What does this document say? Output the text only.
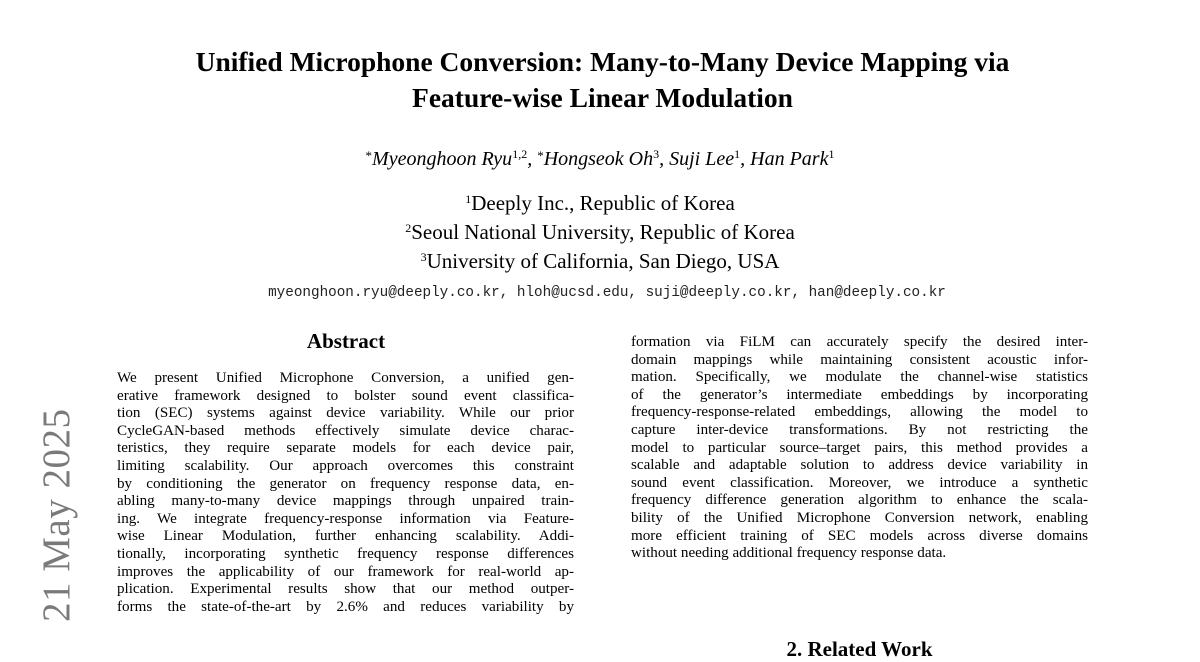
21 May 2025
Unified Microphone Conversion: Many-to-Many Device Mapping via
Feature-wise Linear Modulation
*Myeonghoon Ryu$^{1,2}$, *Hongseok Oh$^3$, Suji Lee$^1$, Han Park$^1$
$^1$Deeply Inc., Republic of Korea
$^2$Seoul National University, Republic of Korea
$^3$University of California, San Diego, USA
myeonghoon.ryu@deeply.co.kr, hloh@ucsd.edu, suji@deeply.co.kr, han@deeply.co.kr
Abstract
We present Unified Microphone Conversion, a unified gen-
erative framework designed to bolster sound event classifica-
tion (SEC) systems against device variability. While our prior
CycleGAN-based methods effectively simulate device charac-
teristics, they require separate models for each device pair,
limiting scalability. Our approach overcomes this constraint
by conditioning the generator on frequency response data, en-
abling many-to-many device mappings through unpaired train-
ing. We integrate frequency-response information via Feature-
wise Linear Modulation, further enhancing scalability. Addi-
tionally, incorporating synthetic frequency response differences
improves the applicability of our framework for real-world ap-
plication. Experimental results show that our method outper-
forms the state-of-the-art by 2.6% and reduces variability by
formation via FiLM can accurately specify the desired inter-
domain mappings while maintaining consistent acoustic infor-
mation. Specifically, we modulate the channel-wise statistics
of the generator’s intermediate embeddings by incorporating
frequency-response-related embeddings, allowing the model to
capture inter-device transformations. By not restricting the
model to particular source–target pairs, this method provides a
scalable and adaptable solution to address device variability in
sound event classification. Moreover, we introduce a synthetic
frequency difference generation algorithm to enhance the scala-
bility of the Unified Microphone Conversion network, enabling
more efficient training of SEC models across diverse domains
without needing additional frequency response data.
2. Related Work
